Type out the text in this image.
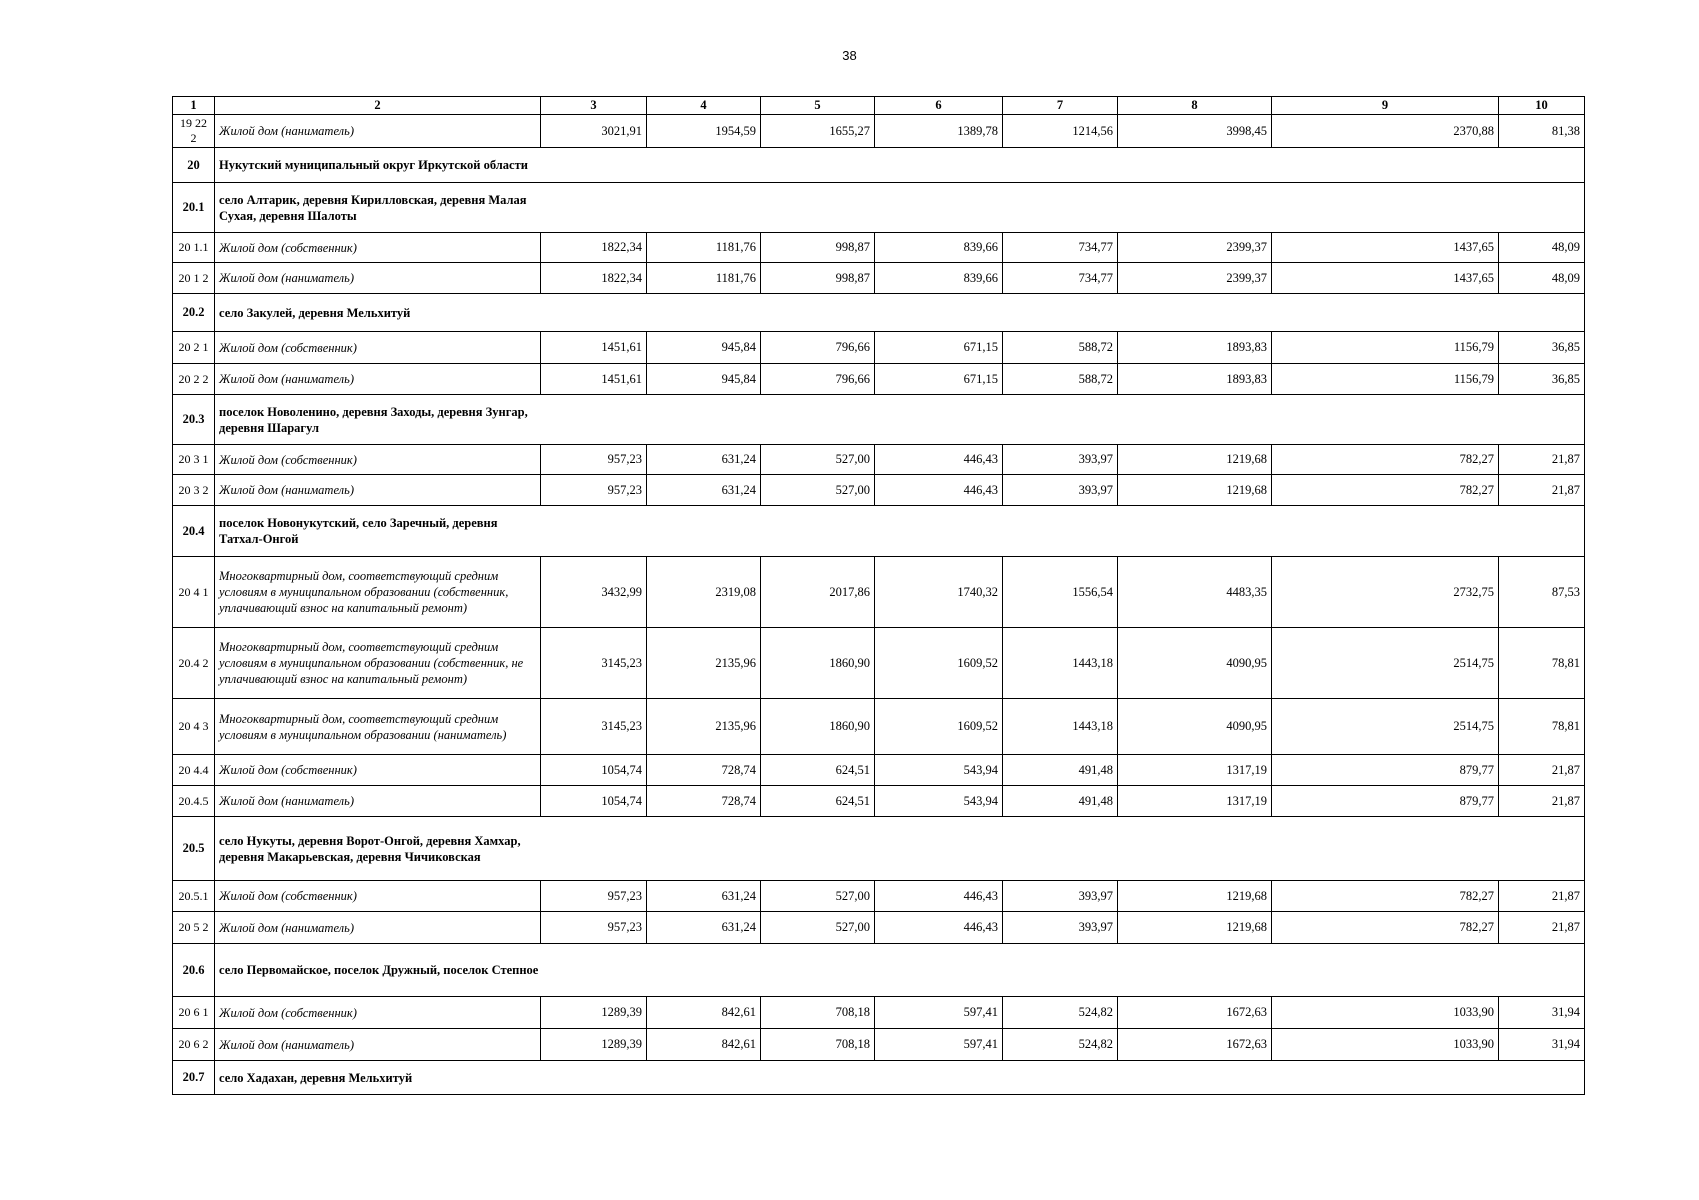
38
1	2	3	4	5	6	7	8	9	10
19 22 2	Жилой дом (наниматель)	3021,91	1954,59	1655,27	1389,78	1214,56	3998,45	2370,88	81,38
20	Нукутский муниципальный округ Иркутской области								

20.1	село Алтарик, деревня Кирилловская, деревня Малая Сухая, деревня Шалоты								

20 1.1	Жилой дом (собственник)	1822,34	1181,76	998,87	839,66	734,77	2399,37	1437,65	48,09
20 1 2	Жилой дом (наниматель)	1822,34	1181,76	998,87	839,66	734,77	2399,37	1437,65	48,09
20.2	село Закулей, деревня Мельхитуй								

20 2 1	Жилой дом (собственник)	1451,61	945,84	796,66	671,15	588,72	1893,83	1156,79	36,85
20 2 2	Жилой дом (наниматель)	1451,61	945,84	796,66	671,15	588,72	1893,83	1156,79	36,85
20.3	поселок Новоленино, деревня Заходы, деревня Зунгар, деревня Шарагул								

20 3 1	Жилой дом (собственник)	957,23	631,24	527,00	446,43	393,97	1219,68	782,27	21,87
20 3 2	Жилой дом (наниматель)	957,23	631,24	527,00	446,43	393,97	1219,68	782,27	21,87
20.4	поселок Новонукутский, село Заречный, деревня Татхал-Онгой								

20 4 1	Многоквартирный дом, соответствующий средним условиям в муниципальном образовании (собственник, уплачивающий взнос на капитальный ремонт)	3432,99	2319,08	2017,86	1740,32	1556,54	4483,35	2732,75	87,53
20.4 2	Многоквартирный дом, соответствующий средним условиям в муниципальном образовании (собственник, не уплачивающий взнос на капитальный ремонт)	3145,23	2135,96	1860,90	1609,52	1443,18	4090,95	2514,75	78,81
20 4 3	Многоквартирный дом, соответствующий средним условиям в муниципальном образовании (наниматель)	3145,23	2135,96	1860,90	1609,52	1443,18	4090,95	2514,75	78,81
20 4.4	Жилой дом (собственник)	1054,74	728,74	624,51	543,94	491,48	1317,19	879,77	21,87
20.4.5	Жилой дом (наниматель)	1054,74	728,74	624,51	543,94	491,48	1317,19	879,77	21,87
20.5	село Нукуты, деревня Ворот-Онгой, деревня Хамхар, деревня Макарьевская, деревня Чичиковская								

20.5.1	Жилой дом (собственник)	957,23	631,24	527,00	446,43	393,97	1219,68	782,27	21,87
20 5 2	Жилой дом (наниматель)	957,23	631,24	527,00	446,43	393,97	1219,68	782,27	21,87
20.6	село Первомайское, поселок Дружный, поселок Степное								

20 6 1	Жилой дом (собственник)	1289,39	842,61	708,18	597,41	524,82	1672,63	1033,90	31,94
20 6 2	Жилой дом (наниматель)	1289,39	842,61	708,18	597,41	524,82	1672,63	1033,90	31,94
20.7	село Хадахан, деревня Мельхитуй								
